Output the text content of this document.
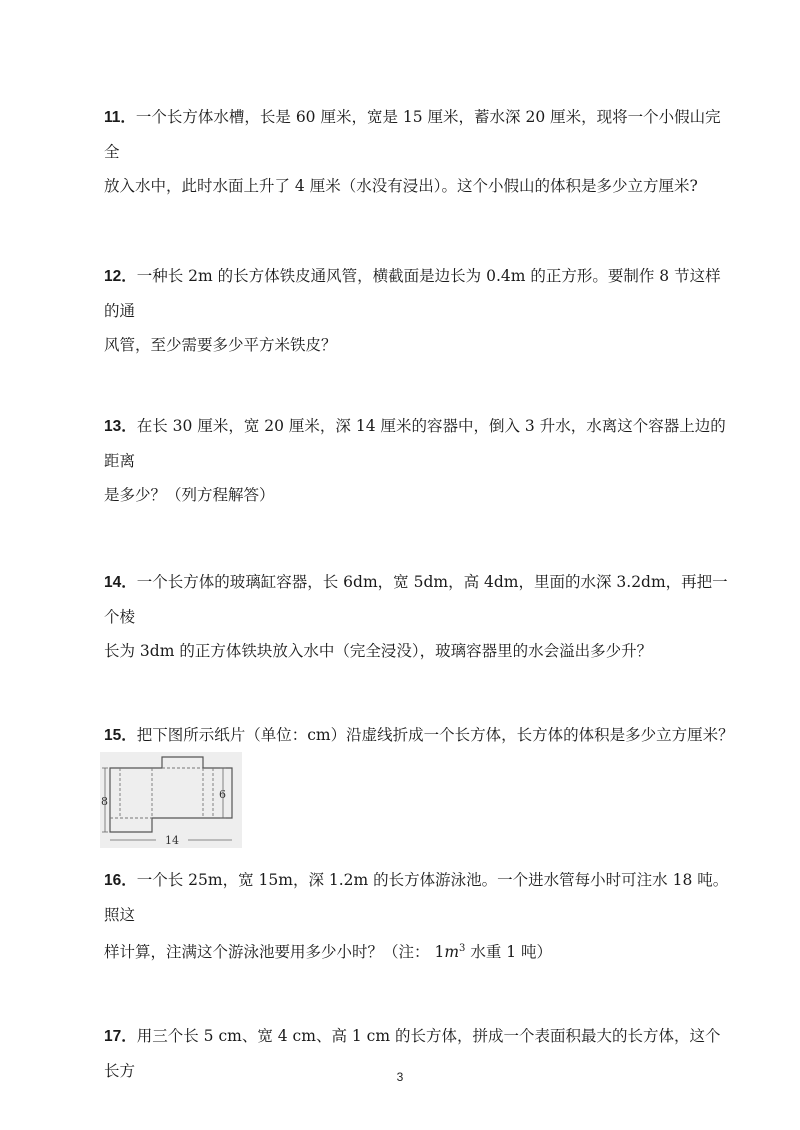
11．一个长方体水槽，长是 60 厘米，宽是 15 厘米，蓄水深 20 厘米，现将一个小假山完全

放入水中，此时水面上升了 4 厘米（水没有浸出）。这个小假山的体积是多少立方厘米?

12．一种长 2m 的长方体铁皮通风管，横截面是边长为 0.4m 的正方形。要制作 8 节这样的通

风管，至少需要多少平方米铁皮？

13．在长 30 厘米，宽 20 厘米，深 14 厘米的容器中，倒入 3 升水，水离这个容器上边的距离

是多少？（列方程解答）

14．一个长方体的玻璃缸容器，长 6dm，宽 5dm，高 4dm，里面的水深 3.2dm，再把一个棱

长为 3dm 的正方体铁块放入水中（完全浸没），玻璃容器里的水会溢出多少升？

15．把下图所示纸片（单位：cm）沿虚线折成一个长方体，长方体的体积是多少立方厘米？

8
6
14

16．一个长 25m，宽 15m，深 1.2m 的长方体游泳池。一个进水管每小时可注水 18 吨。照这

样计算，注满这个游泳池要用多少小时？（注： $1m^3$ 水重 1 吨）

17．用三个长 5 cm、宽 4 cm、高 1 cm 的长方体，拼成一个表面积最大的长方体，这个长方	3
